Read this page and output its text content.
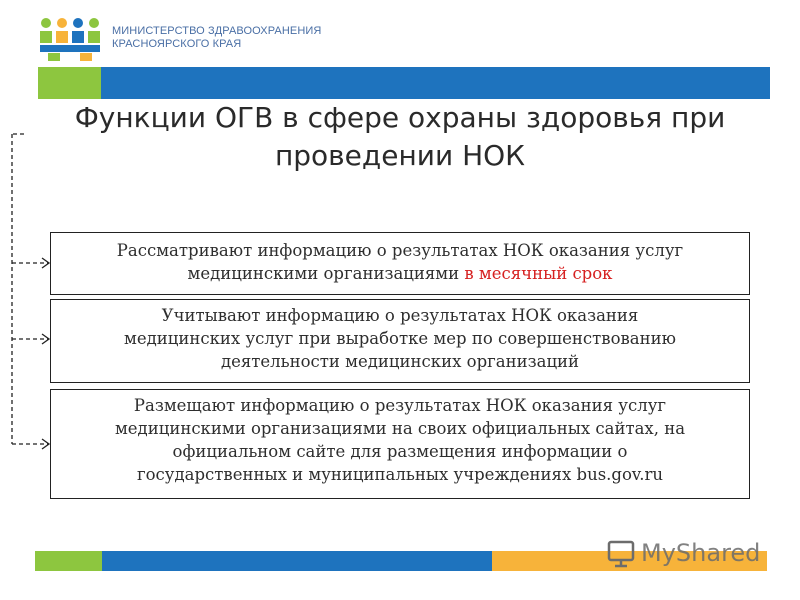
МИНИСТЕРСТВО ЗДРАВООХРАНЕНИЯ
КРАСНОЯРСКОГО КРАЯ
Функции ОГВ в сфере охраны здоровья при
проведении НОК
Рассматривают информацию о результатах НОК оказания услуг
медицинскими организациями в месячный срок
Учитывают информацию о результатах НОК оказания
медицинских услуг при выработке мер по совершенствованию
деятельности медицинских организаций
Размещают информацию о результатах НОК оказания услуг
медицинскими организациями на своих официальных сайтах, на
официальном сайте для размещения информации о
государственных и муниципальных учреждениях bus.gov.ru
MyShared
